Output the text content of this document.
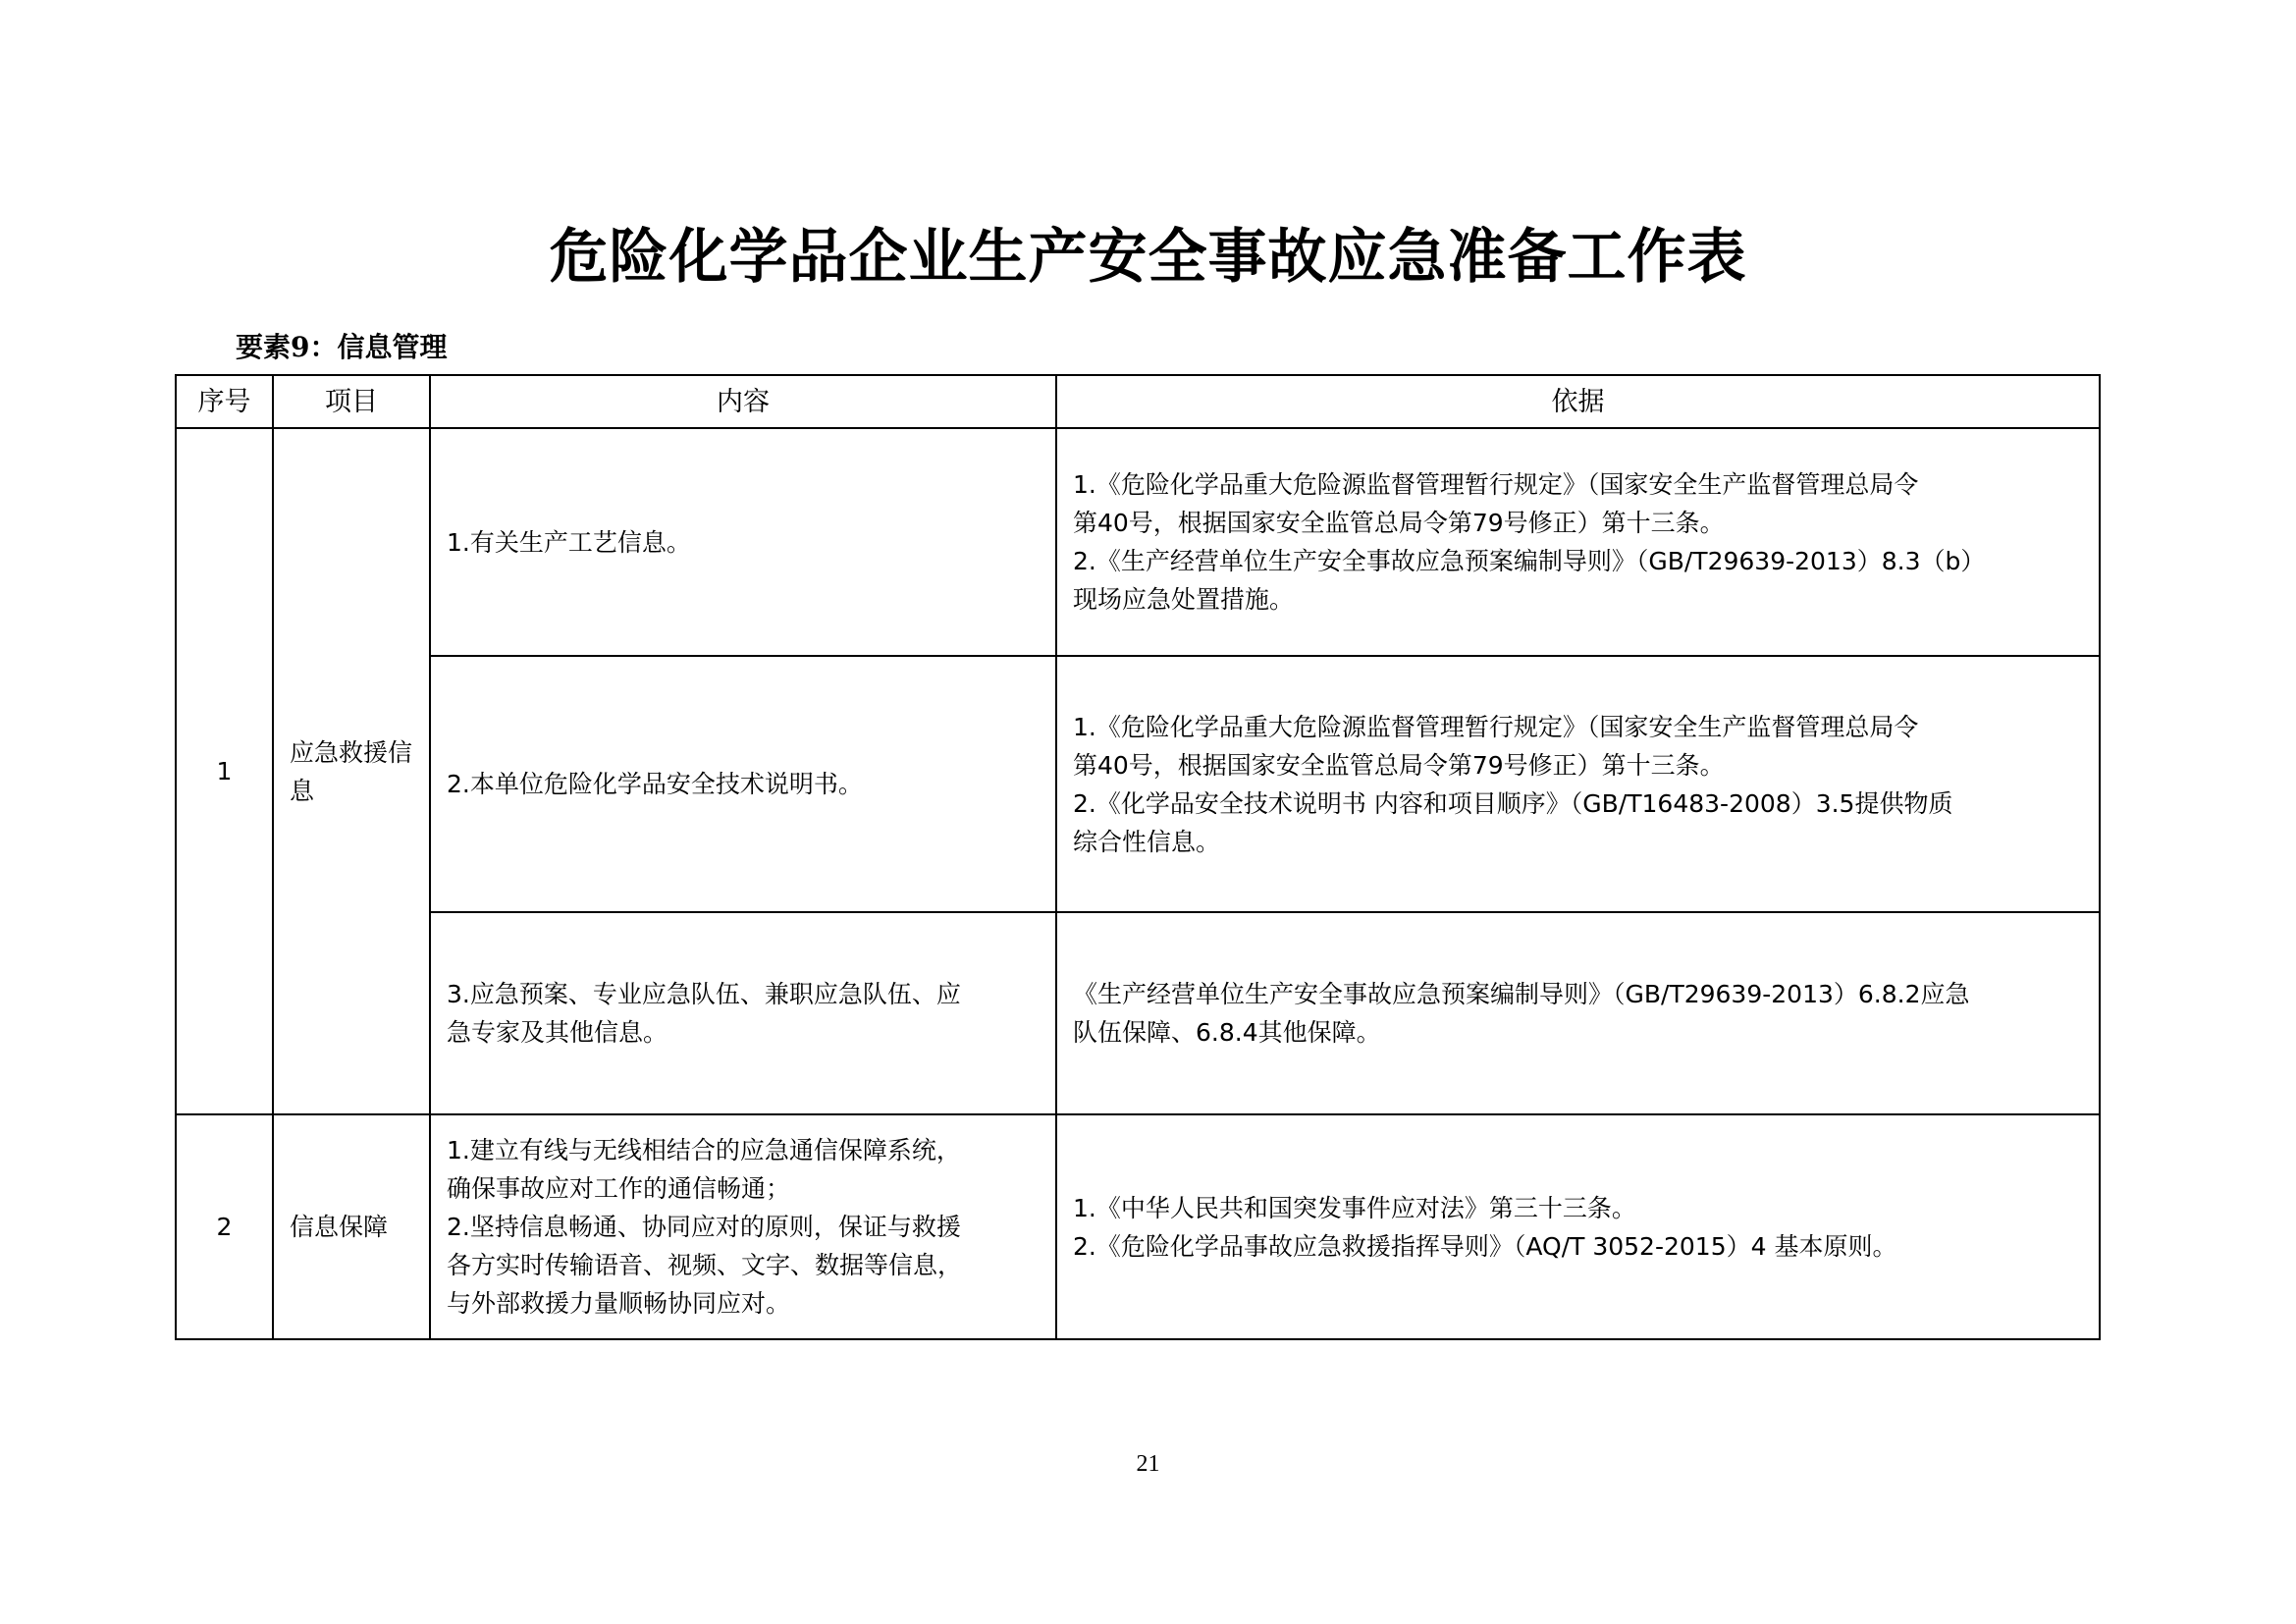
危险化学品企业生产安全事故应急准备工作表
要素9：信息管理
序号	项目	内容	依据
1	应急救援信息	1.有关生产工艺信息。	1.《危险化学品重大危险源监督管理暂行规定》（国家安全生产监督管理总局令
第40号，根据国家安全监管总局令第79号修正）第十三条。
2.《生产经营单位生产安全事故应急预案编制导则》（GB/T29639-2013）8.3（b）
现场应急处置措施。

		2.本单位危险化学品安全技术说明书。	1.《危险化学品重大危险源监督管理暂行规定》（国家安全生产监督管理总局令
第40号，根据国家安全监管总局令第79号修正）第十三条。
2.《化学品安全技术说明书 内容和项目顺序》（GB/T16483-2008）3.5提供物质
综合性信息。

		3.应急预案、专业应急队伍、兼职应急队伍、应
急专家及其他信息。	《生产经营单位生产安全事故应急预案编制导则》（GB/T29639-2013）6.8.2应急
队伍保障、6.8.4其他保障。

2	信息保障	1.建立有线与无线相结合的应急通信保障系统，
确保事故应对工作的通信畅通；
2.坚持信息畅通、协同应对的原则，保证与救援
各方实时传输语音、视频、文字、数据等信息，
与外部救援力量顺畅协同应对。	1.《中华人民共和国突发事件应对法》第三十三条。
2.《危险化学品事故应急救援指挥导则》（AQ/T 3052-2015）4 基本原则。
21
